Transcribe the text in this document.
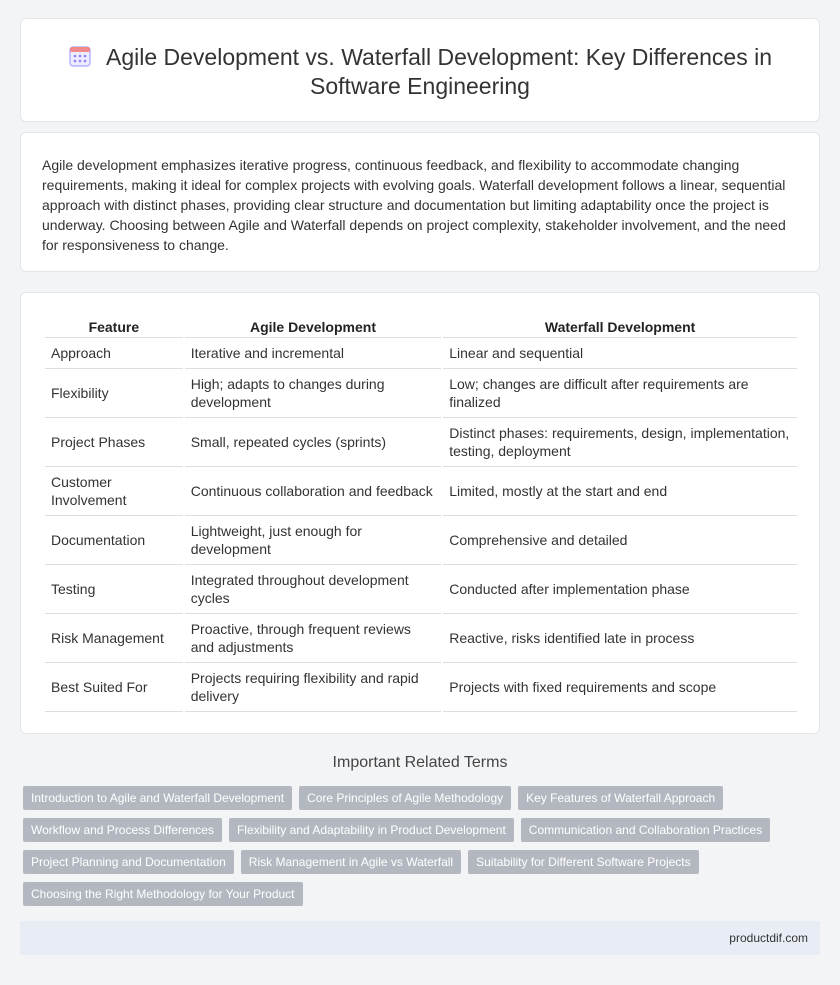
Agile Development vs. Waterfall Development: Key Differences in Software Engineering

Agile development emphasizes iterative progress, continuous feedback, and flexibility to accommodate changing requirements, making it ideal for complex projects with evolving goals. Waterfall development follows a linear, sequential approach with distinct phases, providing clear structure and documentation but limiting adaptability once the project is underway. Choosing between Agile and Waterfall depends on project complexity, stakeholder involvement, and the need for responsiveness to change.

Feature	Agile Development	Waterfall Development
Approach	Iterative and incremental	Linear and sequential
Flexibility	High; adapts to changes during development	Low; changes are difficult after requirements are finalized
Project Phases	Small, repeated cycles (sprints)	Distinct phases: requirements, design, implementation, testing, deployment
Customer Involvement	Continuous collaboration and feedback	Limited, mostly at the start and end
Documentation	Lightweight, just enough for development	Comprehensive and detailed
Testing	Integrated throughout development cycles	Conducted after implementation phase
Risk Management	Proactive, through frequent reviews and adjustments	Reactive, risks identified late in process
Best Suited For	Projects requiring flexibility and rapid delivery	Projects with fixed requirements and scope
Important Related Terms
Introduction to Agile and Waterfall Development	Core Principles of Agile Methodology	Key Features of Waterfall Approach
Workflow and Process Differences	Flexibility and Adaptability in Product Development	Communication and Collaboration Practices
Project Planning and Documentation	Risk Management in Agile vs Waterfall	Suitability for Different Software Projects
Choosing the Right Methodology for Your Product
productdif.com
